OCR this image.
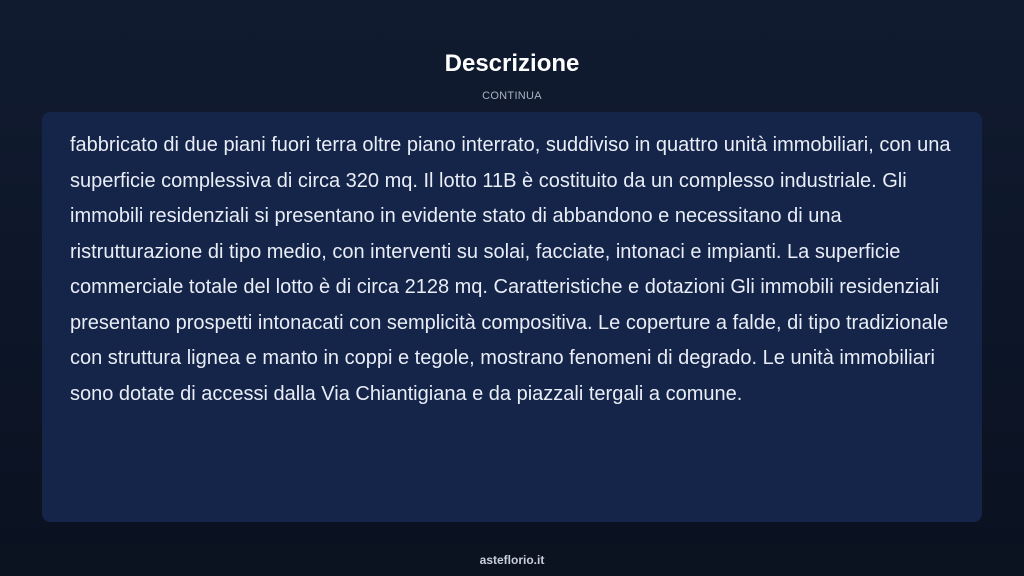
Descrizione
CONTINUA

fabbricato di due piani fuori terra oltre piano interrato, suddiviso in quattro unità immobiliari, con una superficie complessiva di circa 320 mq. Il lotto 11B è costituito da un complesso industriale. Gli immobili residenziali si presentano in evidente stato di abbandono e necessitano di una ristrutturazione di tipo medio, con interventi su solai, facciate, intonaci e impianti. La superficie commerciale totale del lotto è di circa 2128 mq. Caratteristiche e dotazioni Gli immobili residenziali presentano prospetti intonacati con semplicità compositiva. Le coperture a falde, di tipo tradizionale con struttura lignea e manto in coppi e tegole, mostrano fenomeni di degrado. Le unità immobiliari sono dotate di accessi dalla Via Chiantigiana e da piazzali tergali a comune.

asteflorio.it
